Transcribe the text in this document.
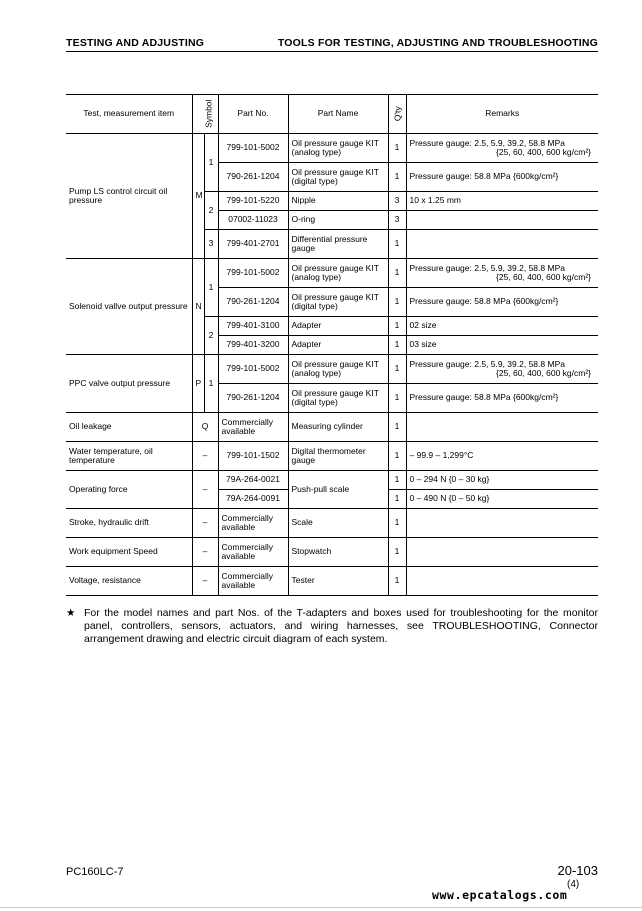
TESTING AND ADJUSTING	TOOLS FOR TESTING, ADJUSTING AND TROUBLESHOOTING
Test, measurement item	Symbol		Part No.	Part Name	Q'ty	Remarks
Pump LS control circuit oil pressure	M	1	799-101-5002	Oil pressure gauge KIT (analog type)	1	Pressure gauge: 2.5, 5.9, 39.2, 58.8 MPa
{25, 60, 400, 600 kg/cm²}

			790-261-1204	Oil pressure gauge KIT (digital type)	1	Pressure gauge: 58.8 MPa {600kg/cm²}
		2	799-101-5220	Nipple	3	10 x 1.25 mm
			07002-11023	O-ring	3	
		3	799-401-2701	Differential pressure gauge	1	
Solenoid vallve output pressure	N	1	799-101-5002	Oil pressure gauge KIT (analog type)	1	Pressure gauge: 2.5, 5.9, 39.2, 58.8 MPa
{25, 60, 400, 600 kg/cm²}

			790-261-1204	Oil pressure gauge KIT (digital type)	1	Pressure gauge: 58.8 MPa {600kg/cm²}
		2	799-401-3100	Adapter	1	02 size
			799-401-3200	Adapter	1	03 size
PPC valve output pressure	P	1	799-101-5002	Oil pressure gauge KIT (analog type)	1	Pressure gauge: 2.5, 5.9, 39.2, 58.8 MPa
{25, 60, 400, 600 kg/cm²}

			790-261-1204	Oil pressure gauge KIT (digital type)	1	Pressure gauge: 58.8 MPa {600kg/cm²}
Oil leakage	Q		Commercially available	Measuring cylinder	1	
Water temperature, oil temperature	–		799-101-1502	Digital thermometer gauge	1	– 99.9 – 1,299°C
Operating force	–		79A-264-0021	Push-pull scale	1	0 – 294 N {0 – 30 kg}
			79A-264-0091		1	0 – 490 N {0 – 50 kg}
Stroke, hydraulic drift	–		Commercially available	Scale	1	
Work equipment Speed	–		Commercially available	Stopwatch	1	
Voltage, resistance	–		Commercially available	Tester	1	
★ For the model names and part Nos. of the T-adapters and boxes used for troubleshooting for the monitor panel, controllers, sensors, actuators, and wiring harnesses, see TROUBLESHOOTING, Connector arrangement drawing and electric circuit diagram of each system.
PC160LC-7	20-103
(4)
www.epcatalogs.com
